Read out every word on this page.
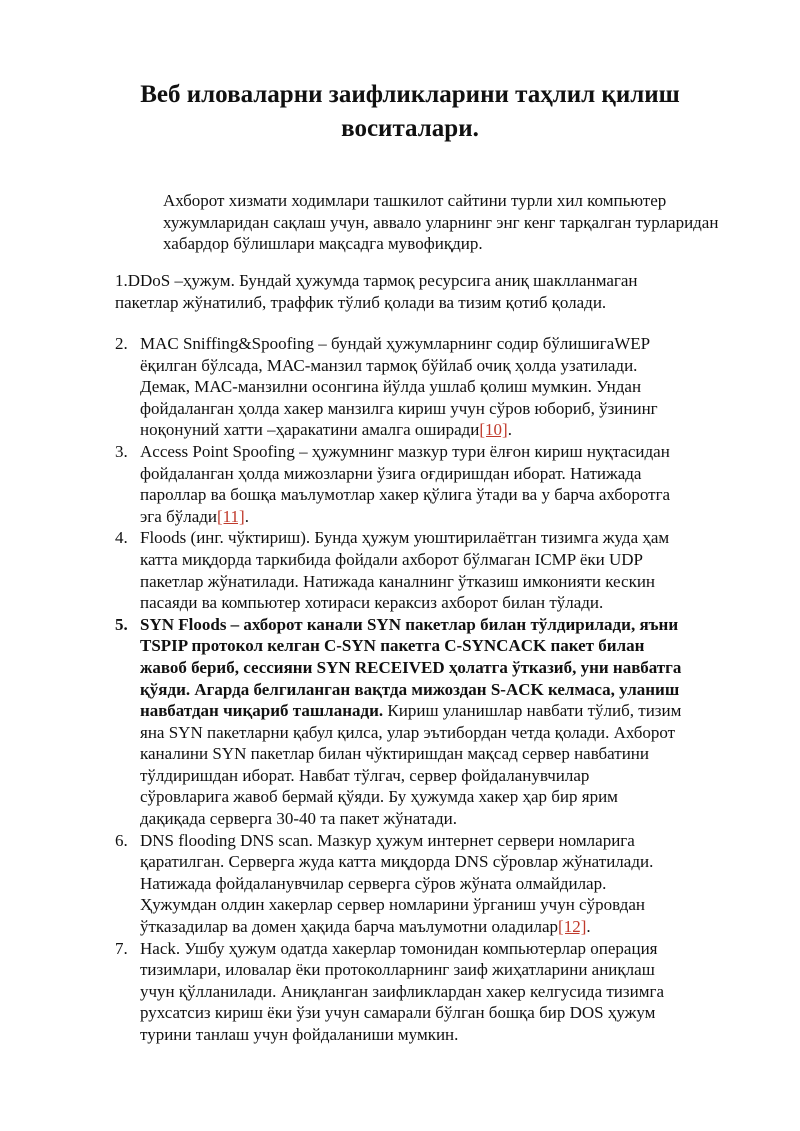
Веб иловаларни заифликларини таҳлил қилиш
воситалари.
Ахборот хизмати ходимлари ташкилот сайтини турли хил компьютер
хужумларидан сақлаш учун, аввало уларнинг энг кенг тарқалган турларидан
хабардор бўлишлари мақсадга мувофиқдир.
1.DDoS –ҳужум. Бундай ҳужумда тармоқ ресурсига аниқ шаклланмаган
пакетлар жўнатилиб, траффик тўлиб қолади ва тизим қотиб қолади.
2. MAC Sniffing&Spoofing – бундай ҳужумларнинг содир бўлишигаWEP
ёқилган бўлсада, МАС-манзил тармоқ бўйлаб очиқ ҳолда узатилади.
Демак, МАС-манзилни осонгина йўлда ушлаб қолиш мумкин. Ундан
фойдаланган ҳолда хакер манзилга кириш учун сўров юбориб, ўзининг
ноқонуний хатти –ҳаракатини амалга оширади[10].
3. Access Point Spoofing – ҳужумнинг мазкур тури ёлғон кириш нуқтасидан
фойдаланган ҳолда мижозларни ўзига оғдиришдан иборат. Натижада
пароллар ва бошқа маълумотлар хакер қўлига ўтади ва у барча ахборотга
эга бўлади[11].
4. Floods (инг. чўктириш). Бунда ҳужум уюштирилаётган тизимга жуда ҳам
катта миқдорда таркибида фойдали ахборот бўлмаган ICMP ёки UDP
пакетлар жўнатилади. Натижада каналнинг ўтказиш имконияти кескин
пасаяди ва компьютер хотираси кераксиз ахборот билан тўлади.
5. SYN Floods – ахборот канали SYN пакетлар билан тўлдирилади, яъни
TSPIP протокол келган C-SYN пакетга C-SYNCACK пакет билан
жавоб бериб, сессияни SYN RECEIVED ҳолатга ўтказиб, уни навбатга
қўяди. Агарда белгиланган вақтда мижоздан S-ACK келмаса, уланиш
навбатдан чиқариб ташланади. Кириш уланишлар навбати тўлиб, тизим
яна SYN пакетларни қабул қилса, улар эътибордан четда қолади. Ахборот
каналини SYN пакетлар билан чўктиришдан мақсад сервер навбатини
тўлдиришдан иборат. Навбат тўлгач, сервер фойдаланувчилар
сўровларига жавоб бермай қўяди. Бу ҳужумда хакер ҳар бир ярим
дақиқада серверга 30-40 та пакет жўнатади.
6. DNS flooding DNS scan. Мазкур ҳужум интернет сервери номларига
қаратилган. Серверга жуда катта миқдорда DNS сўровлар жўнатилади.
Натижада фойдаланувчилар серверга сўров жўната олмайдилар.
Ҳужумдан олдин хакерлар сервер номларини ўрганиш учун сўровдан
ўтказадилар ва домен ҳақида барча маълумотни оладилар[12].
7. Hack. Ушбу ҳужум одатда хакерлар томонидан компьютерлар операция
тизимлари, иловалар ёки протоколларнинг заиф жиҳатларини аниқлаш
учун қўлланилади. Аниқланган заифликлардан хакер келгусида тизимга
рухсатсиз кириш ёки ўзи учун самарали бўлган бошқа бир DOS ҳужум
турини танлаш учун фойдаланиши мумкин.
